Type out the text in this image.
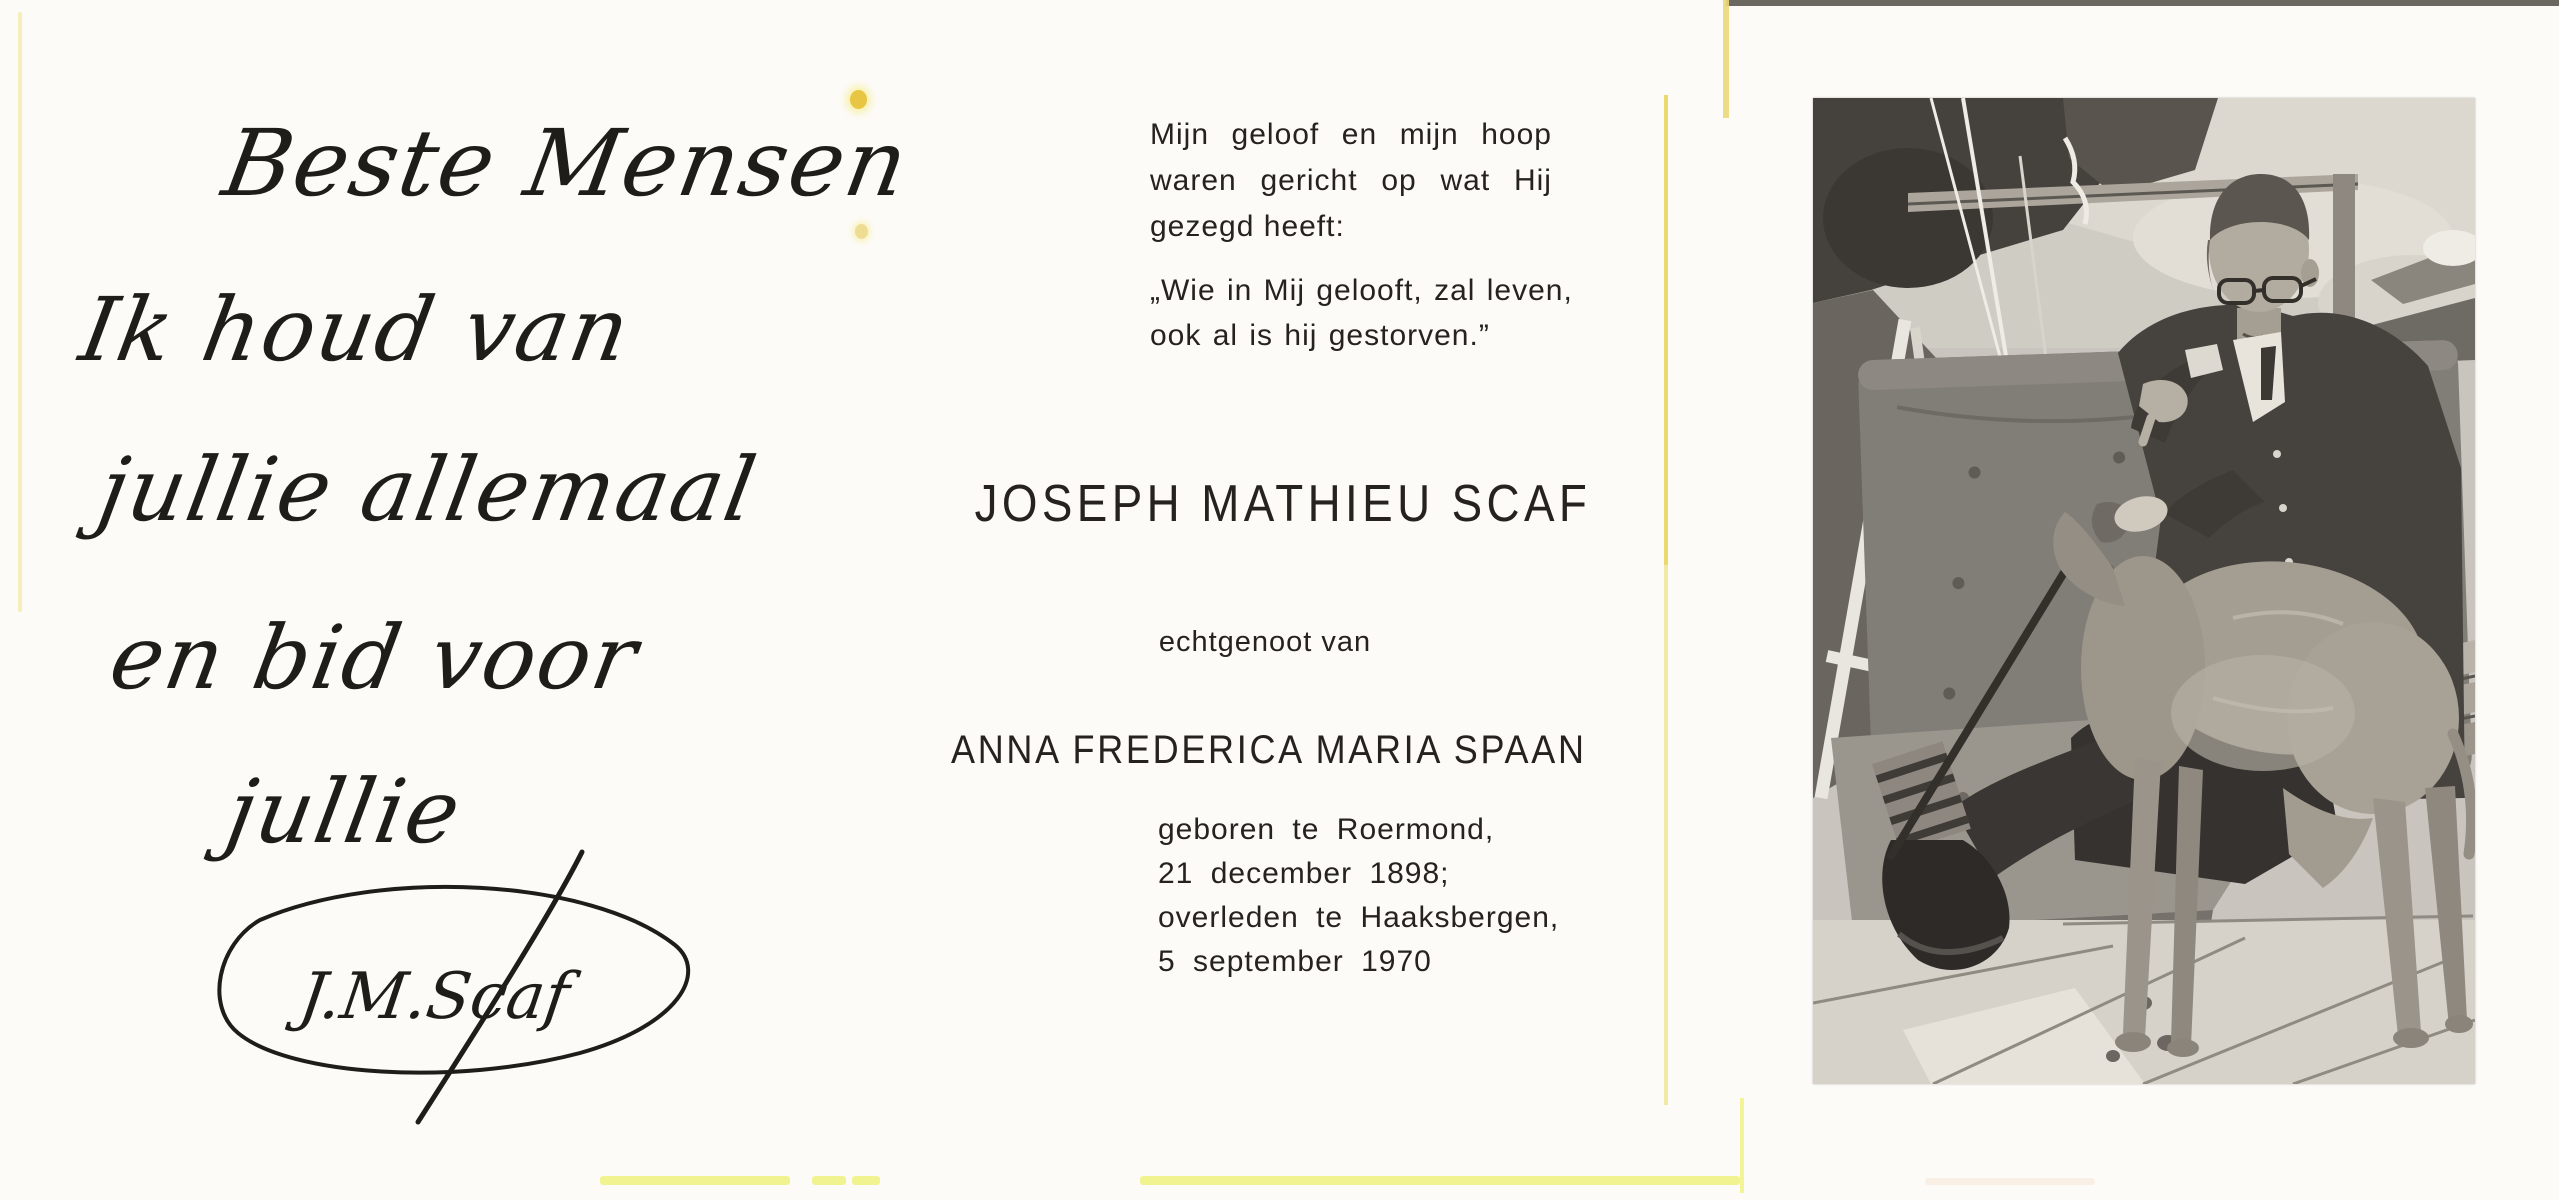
Beste Mensen
Ik houd van
jullie allemaal
en bid voor
jullie
J.M.Scaf
Mijn geloof en mijn hoop
waren gericht op wat Hij
gezegd heeft:
„Wie in Mij gelooft, zal leven,
ook al is hij gestorven.”
JOSEPH MATHIEU SCAF
echtgenoot van
ANNA FREDERICA MARIA SPAAN
geboren te Roermond,
21 december 1898;
overleden te Haaksbergen,
5 september 1970
